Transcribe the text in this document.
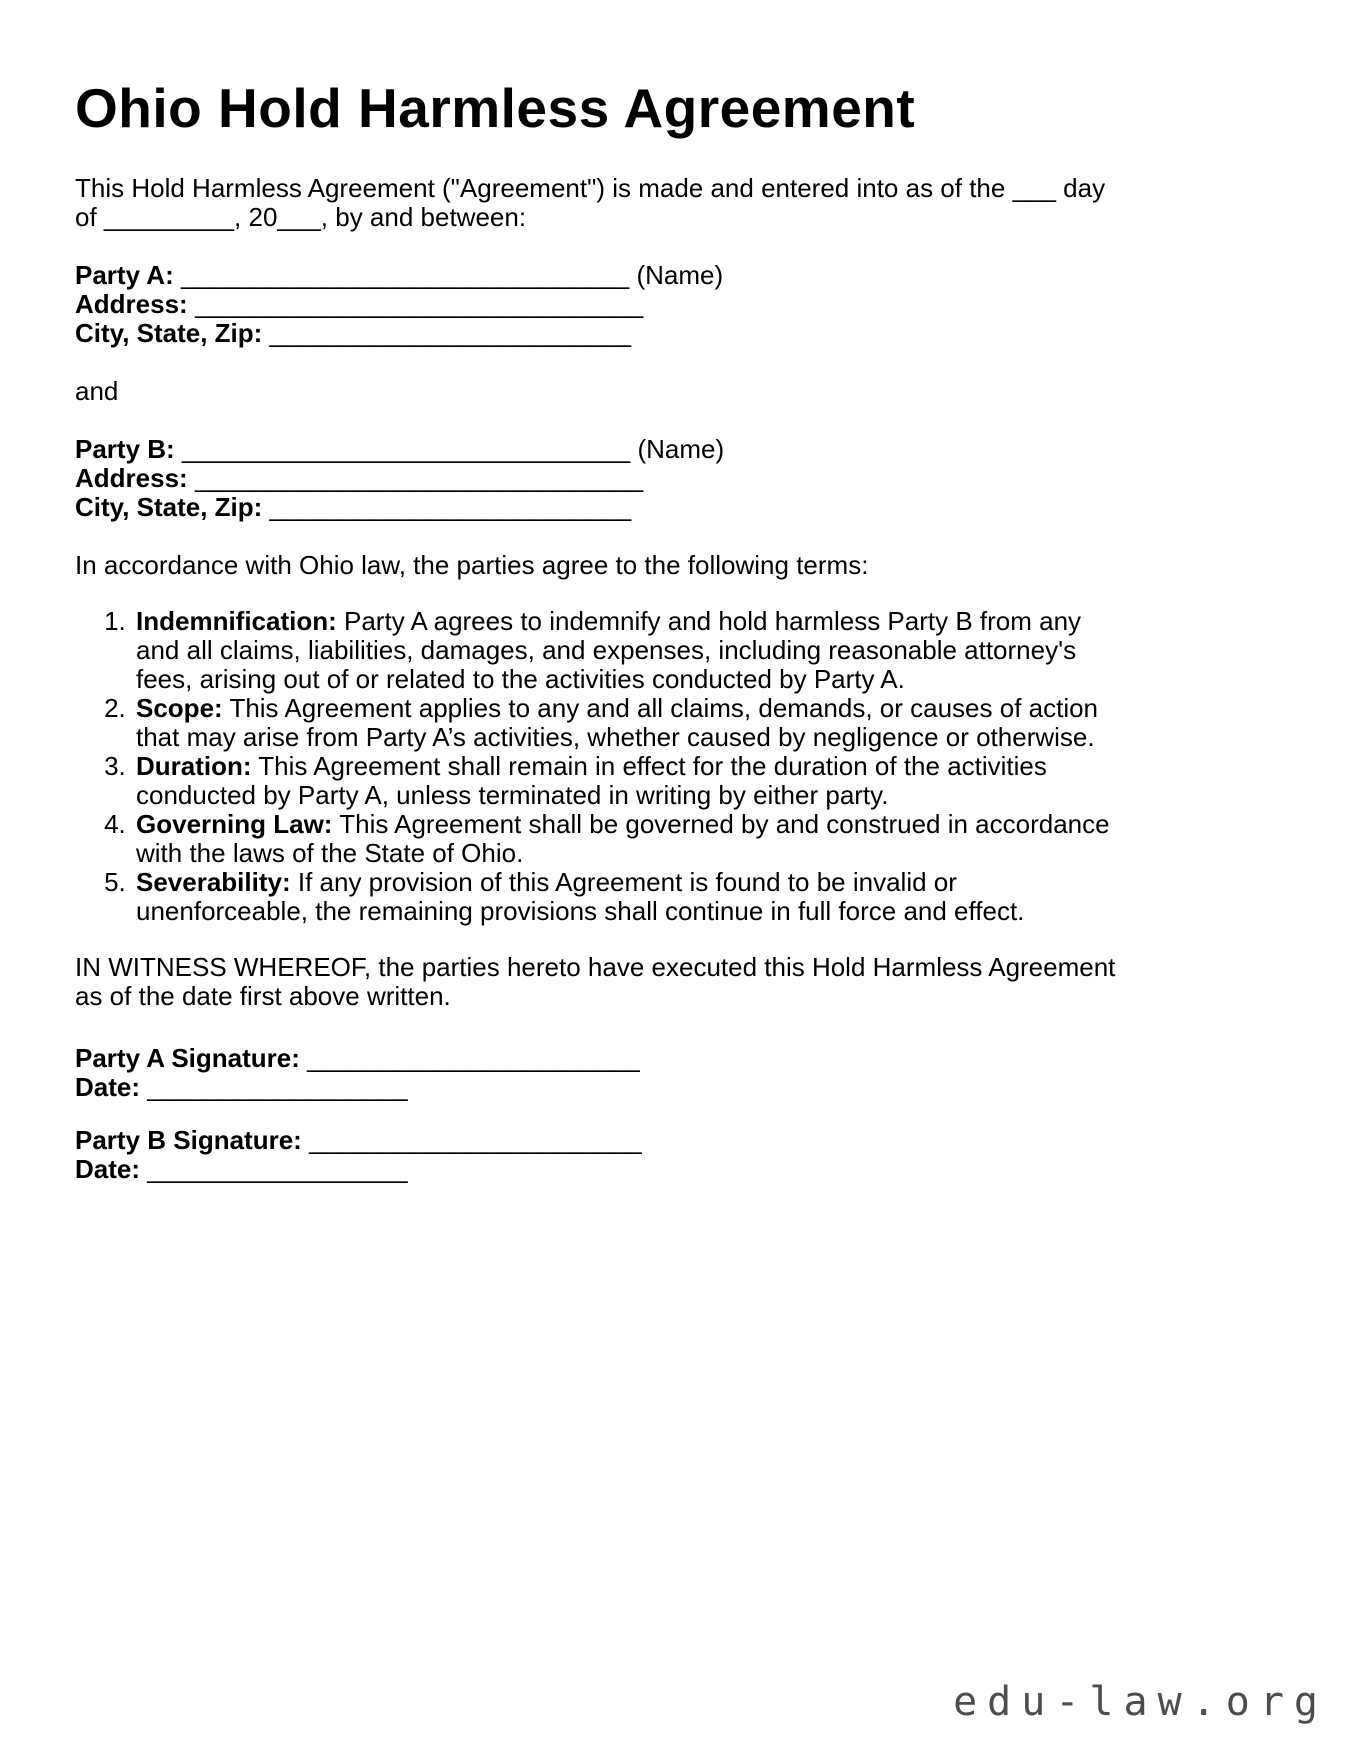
Ohio Hold Harmless Agreement

This Hold Harmless Agreement ("Agreement") is made and entered into as of the ___ day of _________, 20___, by and between:

Party A: _______________________________ (Name)

Address: _______________________________

City, State, Zip: _________________________

and

Party B: _______________________________ (Name)

Address: _______________________________

City, State, Zip: _________________________

In accordance with Ohio law, the parties agree to the following terms:

1. Indemnification: Party A agrees to indemnify and hold harmless Party B from any and all claims, liabilities, damages, and expenses, including reasonable attorney's fees, arising out of or related to the activities conducted by Party A.
2. Scope: This Agreement applies to any and all claims, demands, or causes of action that may arise from Party A’s activities, whether caused by negligence or otherwise.
3. Duration: This Agreement shall remain in effect for the duration of the activities conducted by Party A, unless terminated in writing by either party.
4. Governing Law: This Agreement shall be governed by and construed in accordance with the laws of the State of Ohio.
5. Severability: If any provision of this Agreement is found to be invalid or unenforceable, the remaining provisions shall continue in full force and effect.

IN WITNESS WHEREOF, the parties hereto have executed this Hold Harmless Agreement as of the date first above written.

Party A Signature: _______________________

Date: __________________

Party B Signature: _______________________

Date: __________________

edu-law.org
